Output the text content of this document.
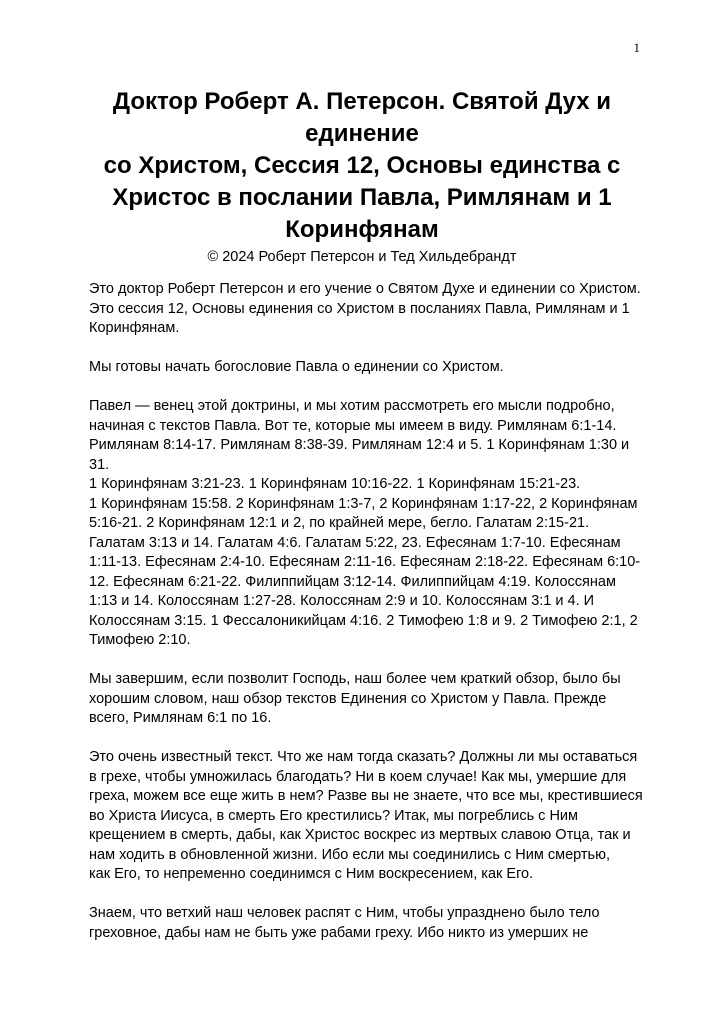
1
Доктор Роберт А. Петерсон. Святой Дух и
единение
со Христом, Сессия 12, Основы единства с
Христос в послании Павла, Римлянам и 1
Коринфянам
© 2024 Роберт Петерсон и Тед Хильдебрандт

Это доктор Роберт Петерсон и его учение о Святом Духе и единении со Христом.
Это сессия 12, Основы единения со Христом в посланиях Павла, Римлянам и 1
Коринфянам.

Мы готовы начать богословие Павла о единении со Христом.

Павел — венец этой доктрины, и мы хотим рассмотреть его мысли подробно,
начиная с текстов Павла. Вот те, которые мы имеем в виду. Римлянам 6:1-14.
Римлянам 8:14-17. Римлянам 8:38-39. Римлянам 12:4 и 5. 1 Коринфянам 1:30 и
31.
1 Коринфянам 3:21-23. 1 Коринфянам 10:16-22. 1 Коринфянам 15:21-23.
1 Коринфянам 15:58. 2 Коринфянам 1:3-7, 2 Коринфянам 1:17-22, 2 Коринфянам
5:16-21. 2 Коринфянам 12:1 и 2, по крайней мере, бегло. Галатам 2:15-21.
Галатам 3:13 и 14. Галатам 4:6. Галатам 5:22, 23. Ефесянам 1:7-10. Ефесянам
1:11-13. Ефесянам 2:4-10. Ефесянам 2:11-16. Ефесянам 2:18-22. Ефесянам 6:10-
12. Ефесянам 6:21-22. Филиппийцам 3:12-14. Филиппийцам 4:19. Колоссянам
1:13 и 14. Колоссянам 1:27-28. Колоссянам 2:9 и 10. Колоссянам 3:1 и 4. И
Колоссянам 3:15. 1 Фессалоникийцам 4:16. 2 Тимофею 1:8 и 9. 2 Тимофею 2:1, 2
Тимофею 2:10.

Мы завершим, если позволит Господь, наш более чем краткий обзор, было бы
хорошим словом, наш обзор текстов Единения со Христом у Павла. Прежде
всего, Римлянам 6:1 по 16.

Это очень известный текст. Что же нам тогда сказать? Должны ли мы оставаться
в грехе, чтобы умножилась благодать? Ни в коем случае! Как мы, умершие для
греха, можем все еще жить в нем? Разве вы не знаете, что все мы, крестившиеся
во Христа Иисуса, в смерть Его крестились? Итак, мы погреблись с Ним
крещением в смерть, дабы, как Христос воскрес из мертвых славою Отца, так и
нам ходить в обновленной жизни. Ибо если мы соединились с Ним смертью,
как Его, то непременно соединимся с Ним воскресением, как Его.

Знаем, что ветхий наш человек распят с Ним, чтобы упразднено было тело
греховное, дабы нам не быть уже рабами греху. Ибо никто из умерших не
